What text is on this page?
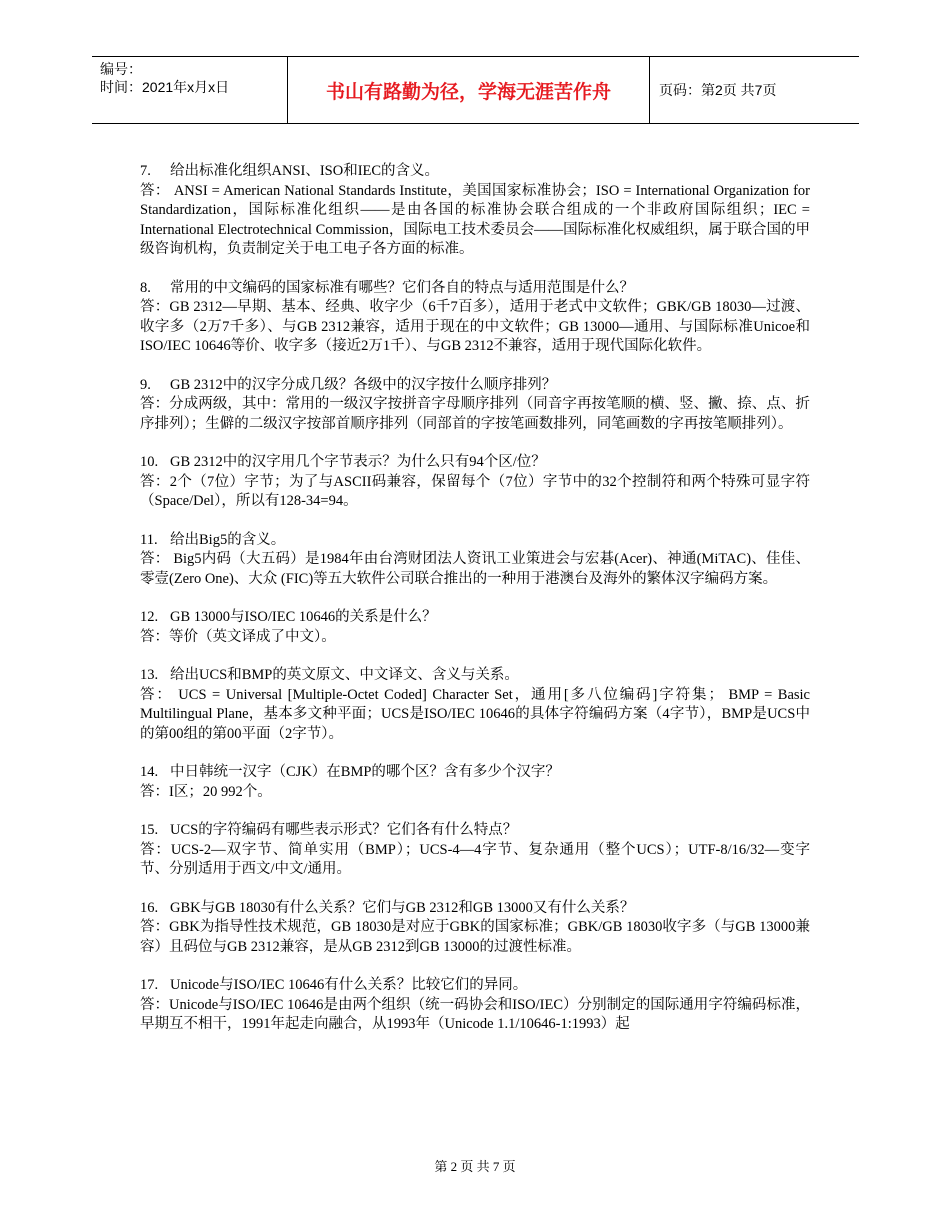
编号：
时间：2021年x月x日	书山有路勤为径，学海无涯苦作舟	页码：第2页 共7页
7. 给出标准化组织ANSI、ISO和IEC的含义。
答： ANSI = American National Standards Institute，美国国家标准协会；ISO = International Organization for Standardization，国际标准化组织——是由各国的标准协会联合组成的一个非政府国际组织；IEC = International Electrotechnical Commission，国际电工技术委员会——国际标准化权威组织，属于联合国的甲级咨询机构，负责制定关于电工电子各方面的标准。
8. 常用的中文编码的国家标准有哪些？它们各自的特点与适用范围是什么？
答：GB 2312—早期、基本、经典、收字少（6千7百多），适用于老式中文软件；GBK/GB 18030—过渡、收字多（2万7千多）、与GB 2312兼容，适用于现在的中文软件；GB 13000—通用、与国际标准Unicoe和ISO/IEC 10646等价、收字多（接近2万1千）、与GB 2312不兼容，适用于现代国际化软件。
9. GB 2312中的汉字分成几级？各级中的汉字按什么顺序排列？
答：分成两级，其中：常用的一级汉字按拼音字母顺序排列（同音字再按笔顺的横、竖、撇、捺、点、折序排列）；生僻的二级汉字按部首顺序排列（同部首的字按笔画数排列，同笔画数的字再按笔顺排列）。
10. GB 2312中的汉字用几个字节表示？为什么只有94个区/位？
答：2个（7位）字节；为了与ASCII码兼容，保留每个（7位）字节中的32个控制符和两个特殊可显字符（Space/Del），所以有128-34=94。
11. 给出Big5的含义。
答： Big5内码（大五码）是1984年由台湾财团法人资讯工业策进会与宏碁(Acer)、神通(MiTAC)、佳佳、零壹(Zero One)、大众 (FIC)等五大软件公司联合推出的一种用于港澳台及海外的繁体汉字编码方案。
12. GB 13000与ISO/IEC 10646的关系是什么？
答：等价（英文译成了中文）。
13. 给出UCS和BMP的英文原文、中文译文、含义与关系。
答： UCS = Universal [Multiple-Octet Coded] Character Set，通用[多八位编码]字符集； BMP = Basic Multilingual Plane，基本多文种平面；UCS是ISO/IEC 10646的具体字符编码方案（4字节），BMP是UCS中的第00组的第00平面（2字节）。
14. 中日韩统一汉字（CJK）在BMP的哪个区？含有多少个汉字？
答：I区；20 992个。
15. UCS的字符编码有哪些表示形式？它们各有什么特点？
答：UCS-2—双字节、简单实用（BMP）；UCS-4—4字节、复杂通用（整个UCS）；UTF-8/16/32—变字节、分别适用于西文/中文/通用。
16. GBK与GB 18030有什么关系？它们与GB 2312和GB 13000又有什么关系？
答：GBK为指导性技术规范，GB 18030是对应于GBK的国家标准；GBK/GB 18030收字多（与GB 13000兼容）且码位与GB 2312兼容，是从GB 2312到GB 13000的过渡性标准。
17. Unicode与ISO/IEC 10646有什么关系？比较它们的异同。
答：Unicode与ISO/IEC 10646是由两个组织（统一码协会和ISO/IEC）分别制定的国际通用字符编码标准，早期互不相干，1991年起走向融合，从1993年（Unicode 1.1/10646-1:1993）起
第 2 页 共 7 页
